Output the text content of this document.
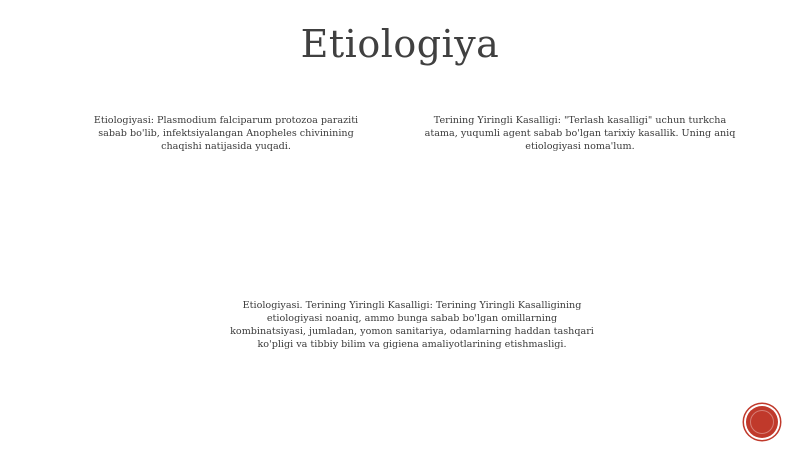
Etiologiya

Etiologiyasi: Plasmodium falciparum protozoa paraziti sabab bo'lib, infektsiyalangan Anopheles chivinining chaqishi natijasida yuqadi.

Terining Yiringli Kasalligi: "Terlash kasalligi" uchun turkcha atama, yuqumli agent sabab bo'lgan tarixiy kasallik. Uning aniq etiologiyasi noma'lum.

Etiologiyasi. Terining Yiringli Kasalligi: Terining Yiringli Kasalligining etiologiyasi noaniq, ammo bunga sabab bo'lgan omillarning kombinatsiyasi, jumladan, yomon sanitariya, odamlarning haddan tashqari ko'pligi va tibbiy bilim va gigiena amaliyotlarining etishmasligi.
